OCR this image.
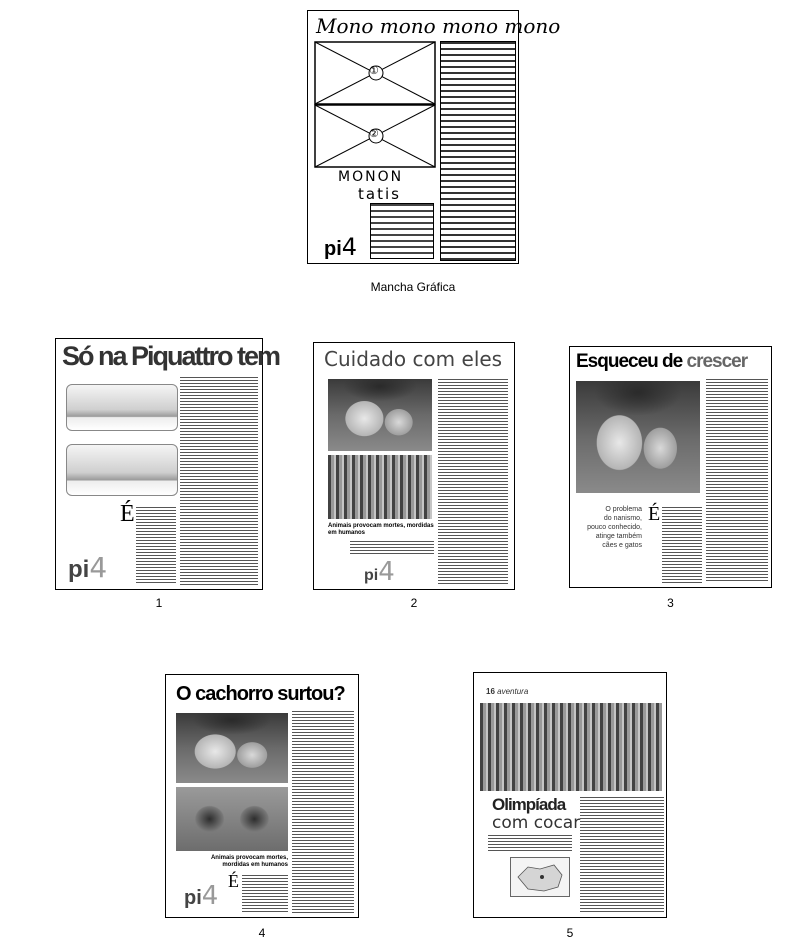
Mono mono mono mono
①
②
MONON
tatis
pi4
Mancha Gráfica
Só na Piquattro tem
É
pi4
1
Cuidado com eles
Animais provocam mortes, mordidas em humanos
pi4
2
Esqueceu de crescer
O problema
do nanismo,
pouco conhecido,
atinge também
cães e gatos
É
3
O cachorro surtou?
Animais provocam mortes, mordidas em humanos
É
pi4
4
16 aventura
Olimpíada
com cocar
5
